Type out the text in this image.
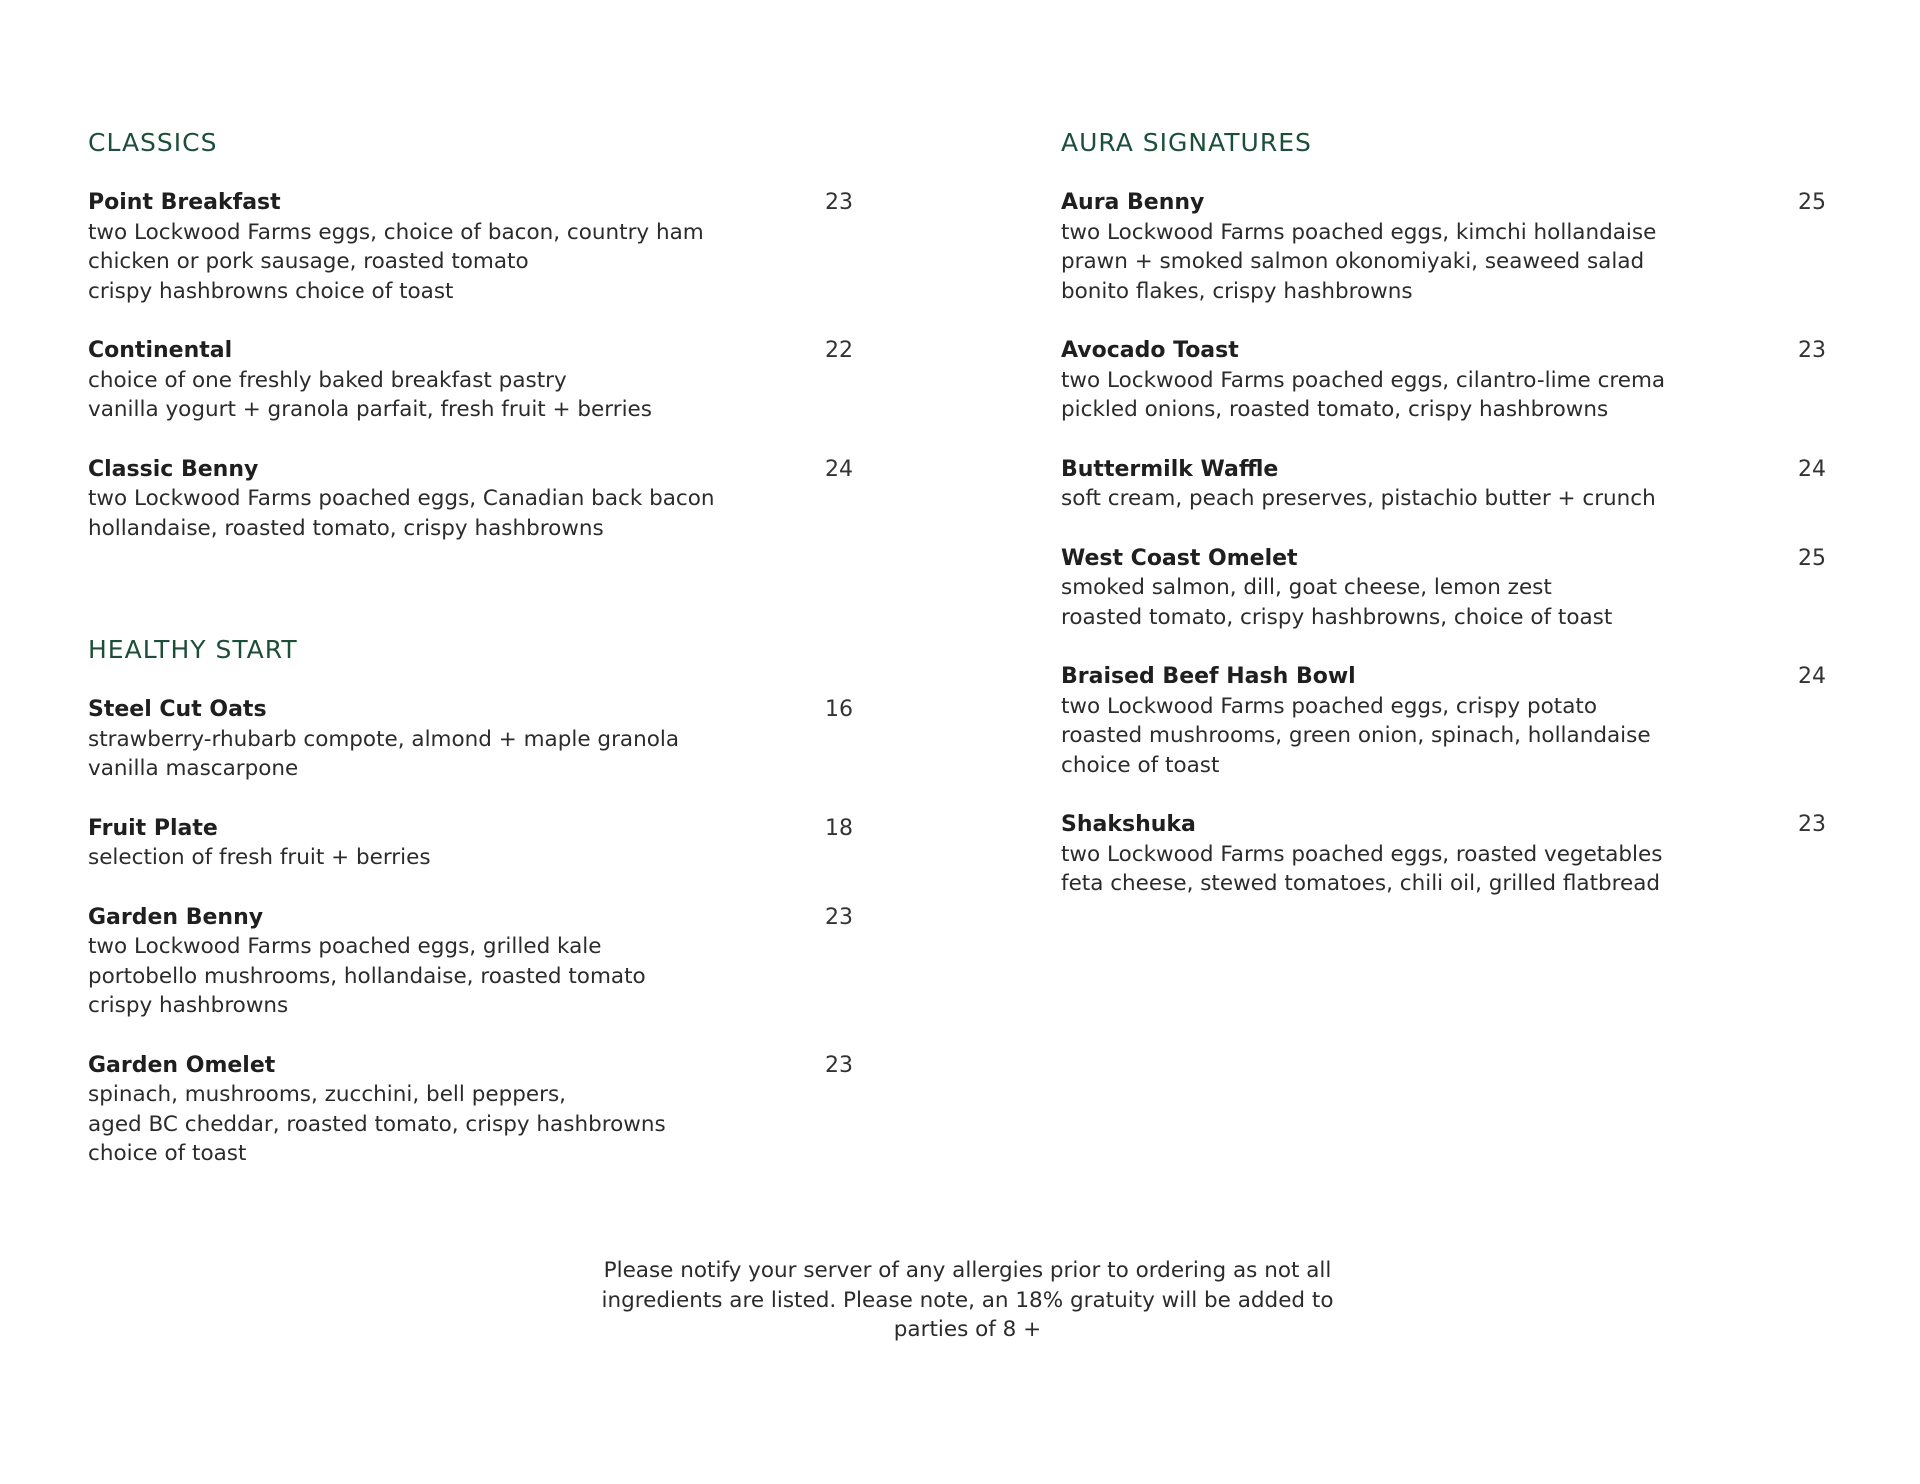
CLASSICS
Point Breakfast	23
two Lockwood Farms eggs, choice of bacon, country ham
chicken or pork sausage, roasted tomato
crispy hashbrowns choice of toast
Continental	22
choice of one freshly baked breakfast pastry
vanilla yogurt + granola parfait, fresh fruit + berries
Classic Benny	24
two Lockwood Farms poached eggs, Canadian back bacon
hollandaise, roasted tomato, crispy hashbrowns
HEALTHY START
Steel Cut Oats	16
strawberry-rhubarb compote, almond + maple granola
vanilla mascarpone
Fruit Plate	18
selection of fresh fruit + berries
Garden Benny	23
two Lockwood Farms poached eggs, grilled kale
portobello mushrooms, hollandaise, roasted tomato
crispy hashbrowns
Garden Omelet	23
spinach, mushrooms, zucchini, bell peppers,
aged BC cheddar, roasted tomato, crispy hashbrowns
choice of toast
AURA SIGNATURES
Aura Benny	25
two Lockwood Farms poached eggs, kimchi hollandaise
prawn + smoked salmon okonomiyaki, seaweed salad
bonito flakes, crispy hashbrowns
Avocado Toast	23
two Lockwood Farms poached eggs, cilantro-lime crema
pickled onions, roasted tomato, crispy hashbrowns
Buttermilk Waffle	24
soft cream, peach preserves, pistachio butter + crunch
West Coast Omelet	25
smoked salmon, dill, goat cheese, lemon zest
roasted tomato, crispy hashbrowns, choice of toast
Braised Beef Hash Bowl	24
two Lockwood Farms poached eggs, crispy potato
roasted mushrooms, green onion, spinach, hollandaise
choice of toast
Shakshuka	23
two Lockwood Farms poached eggs, roasted vegetables
feta cheese, stewed tomatoes, chili oil, grilled flatbread
Please notify your server of any allergies prior to ordering as not all
ingredients are listed. Please note, an 18% gratuity will be added to
parties of 8 +
